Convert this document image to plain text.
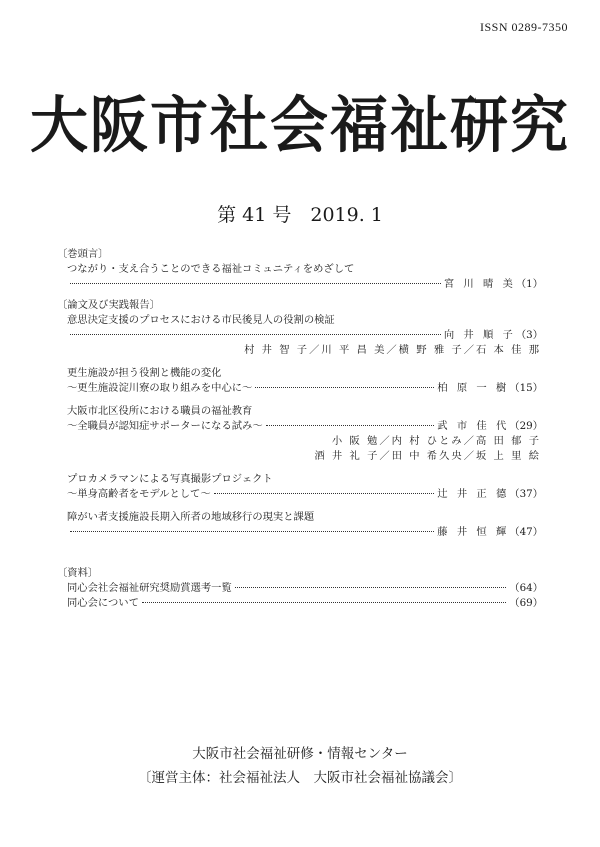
ISSN 0289-7350
大阪市社会福祉研究
第 41 号　2019. 1
〔巻頭言〕
つながり・支え合うことのできる福祉コミュニティをめざして
宮 川 晴 美 （1）
〔論文及び実践報告〕
意思決定支援のプロセスにおける市民後見人の役割の検証
向 井 順 子 （3）
村 井 智 子／川 平 昌 美／横 野 雅 子／石 本 佳 那
更生施設が担う役割と機能の変化
～更生施設淀川寮の取り組みを中心に～	柏 原 一 樹 （15）
大阪市北区役所における職員の福祉教育
～全職員が認知症サポーターになる試み～	武 市 佳 代 （29）
小 阪 勉／内 村 ひとみ／高 田 郁 子
酒 井 礼 子／田 中 希久央／坂 上 里 絵
プロカメラマンによる写真撮影プロジェクト
～単身高齢者をモデルとして～	辻 井 正 德 （37）
障がい者支援施設長期入所者の地域移行の現実と課題
藤 井 恒 輝 （47）
〔資料〕
同心会社会福祉研究奨励賞選考一覧	（64）
同心会について	（69）
大阪市社会福祉研修・情報センター
〔運営主体：社会福祉法人　大阪市社会福祉協議会〕
